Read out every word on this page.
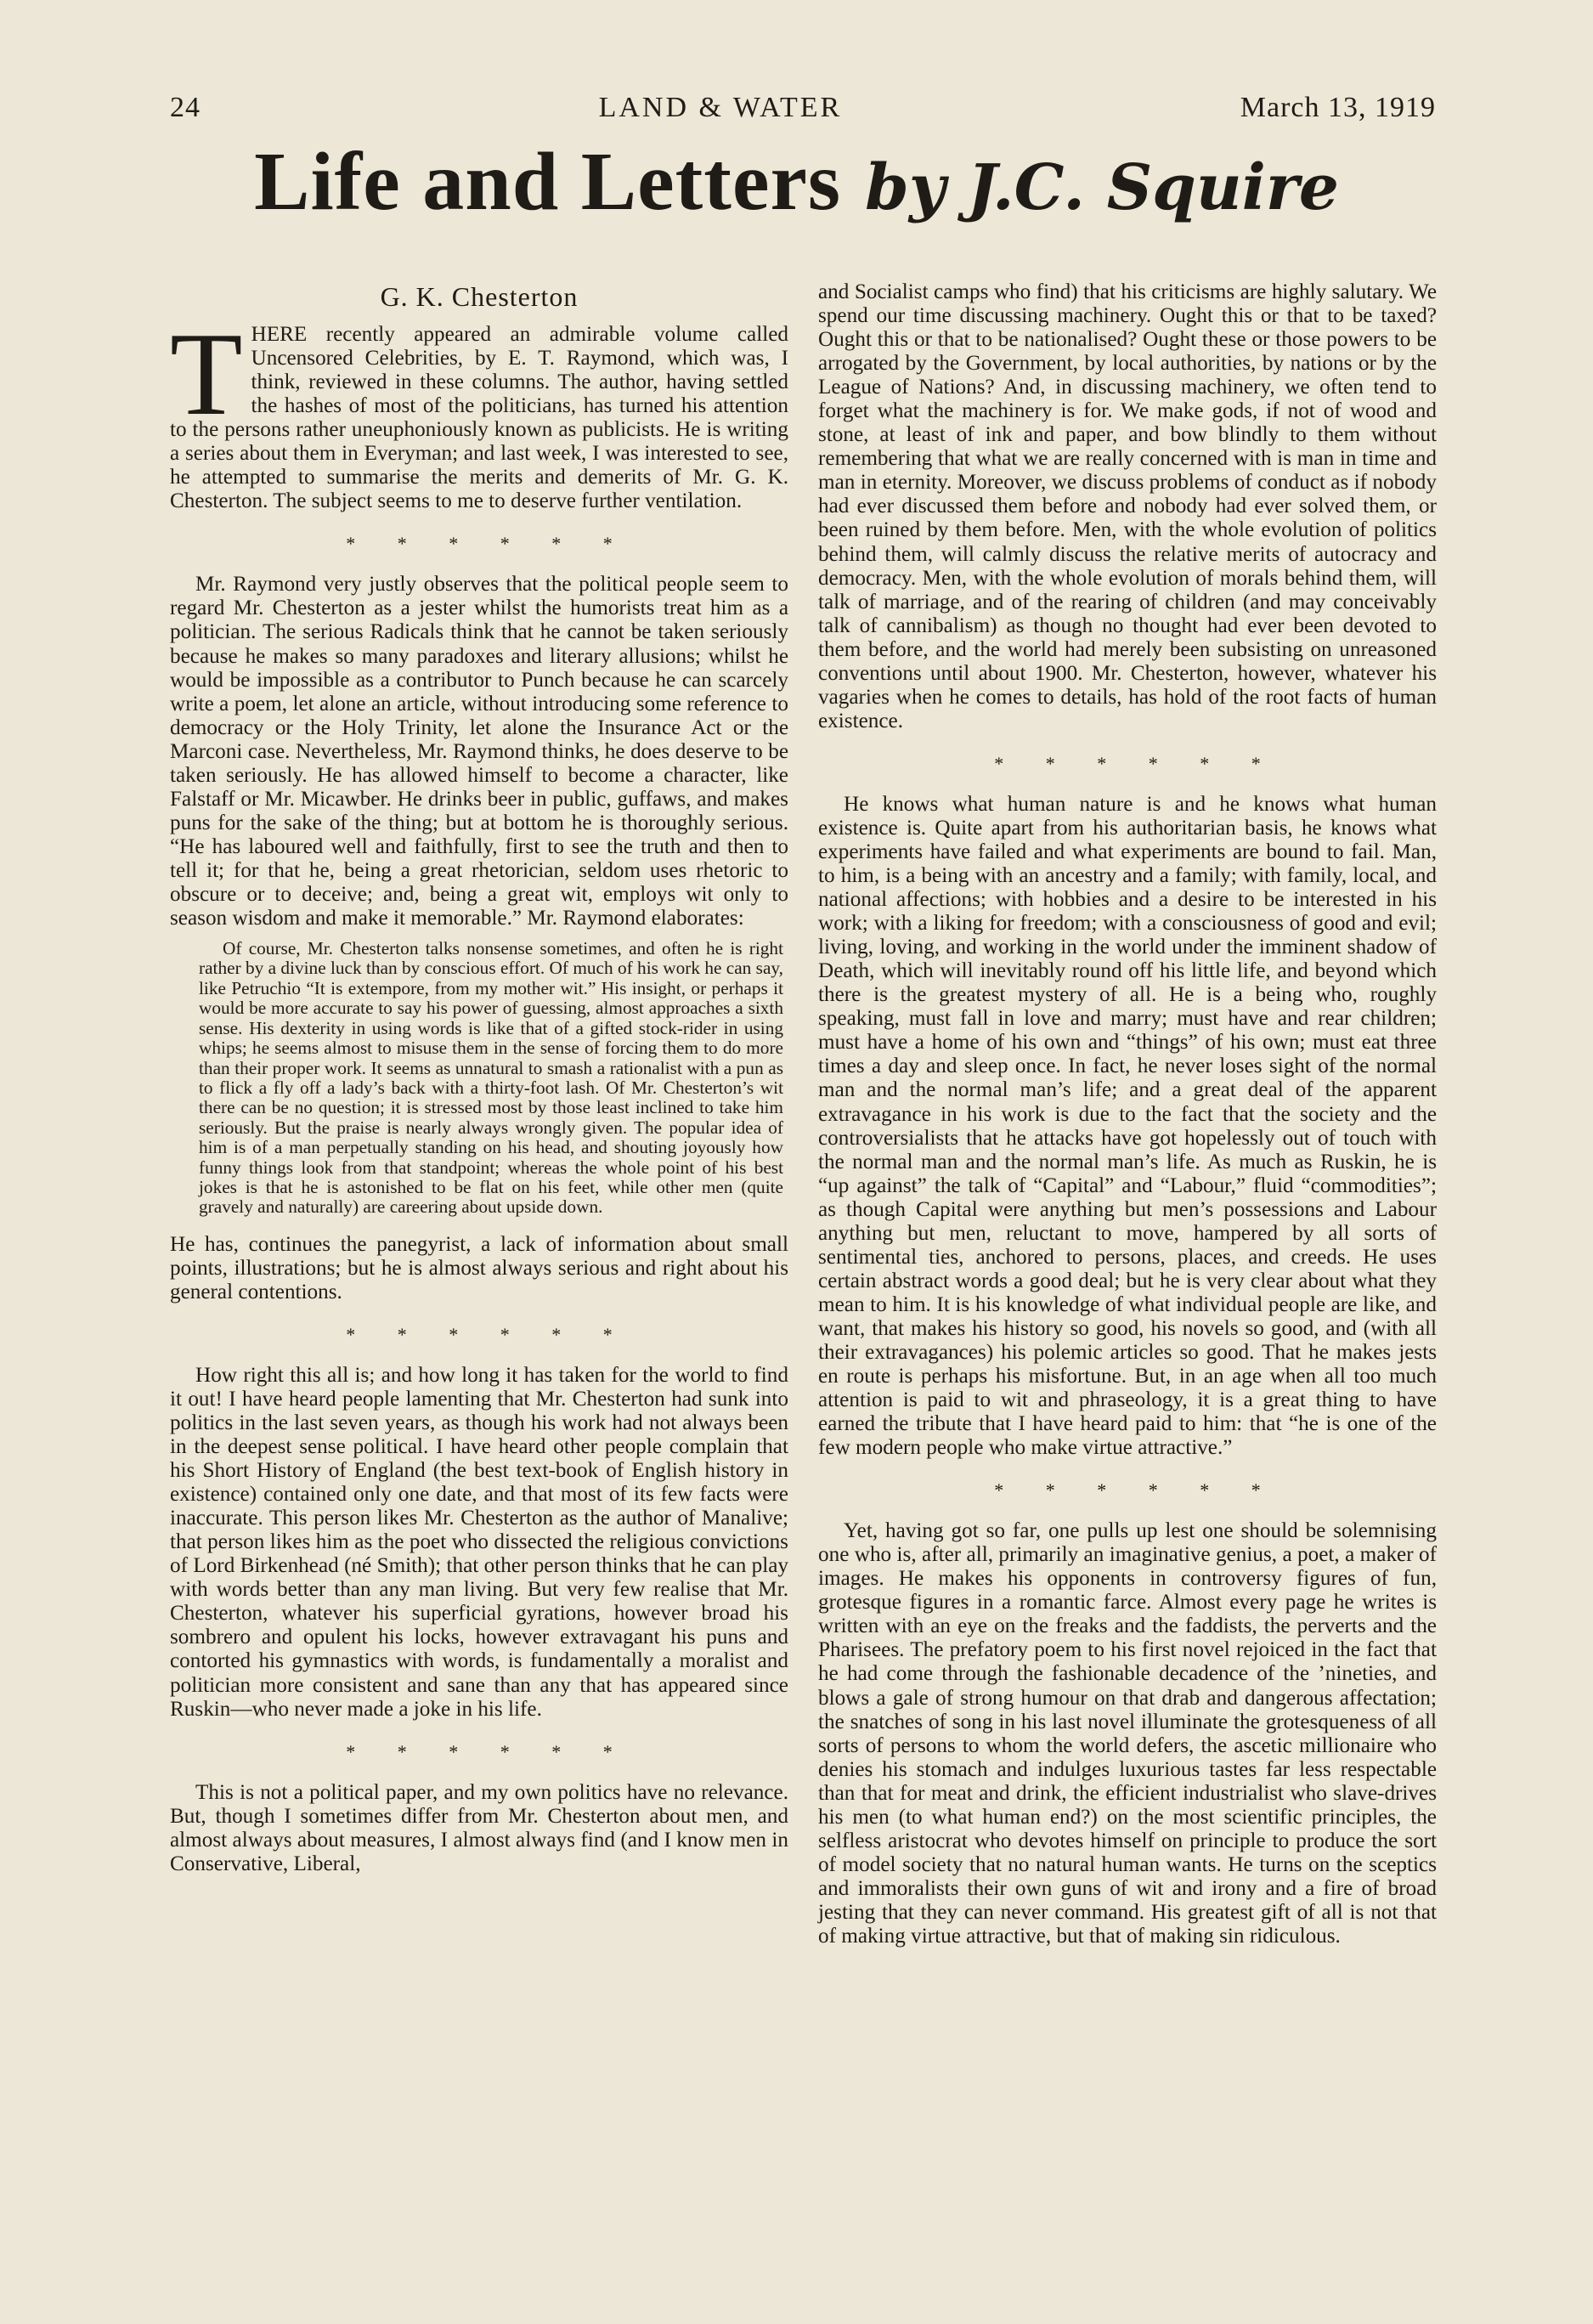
24	LAND & WATER	March 13, 1919
Life and Letters by J.C. Squire
G. K. Chesterton

THERE recently appeared an admirable volume called Uncensored Celebrities, by E. T. Raymond, which was, I think, reviewed in these columns. The author, having settled the hashes of most of the politicians, has turned his attention to the persons rather uneuphoniously known as publicists. He is writing a series about them in Everyman; and last week, I was interested to see, he attempted to summarise the merits and demerits of Mr. G. K. Chesterton. The subject seems to me to deserve further ventilation.

* * * * * *

Mr. Raymond very justly observes that the political people seem to regard Mr. Chesterton as a jester whilst the humorists treat him as a politician. The serious Radicals think that he cannot be taken seriously because he makes so many paradoxes and literary allusions; whilst he would be impossible as a contributor to Punch because he can scarcely write a poem, let alone an article, without introducing some reference to democracy or the Holy Trinity, let alone the Insurance Act or the Marconi case. Nevertheless, Mr. Raymond thinks, he does deserve to be taken seriously. He has allowed himself to become a character, like Falstaff or Mr. Micawber. He drinks beer in public, guffaws, and makes puns for the sake of the thing; but at bottom he is thoroughly serious. “He has laboured well and faithfully, first to see the truth and then to tell it; for that he, being a great rhetorician, seldom uses rhetoric to obscure or to deceive; and, being a great wit, employs wit only to season wisdom and make it memorable.” Mr. Raymond elaborates:

Of course, Mr. Chesterton talks nonsense sometimes, and often he is right rather by a divine luck than by conscious effort. Of much of his work he can say, like Petruchio “It is extempore, from my mother wit.” His insight, or perhaps it would be more accurate to say his power of guessing, almost approaches a sixth sense. His dexterity in using words is like that of a gifted stock-rider in using whips; he seems almost to misuse them in the sense of forcing them to do more than their proper work. It seems as unnatural to smash a rationalist with a pun as to flick a fly off a lady’s back with a thirty-foot lash. Of Mr. Chesterton’s wit there can be no question; it is stressed most by those least inclined to take him seriously. But the praise is nearly always wrongly given. The popular idea of him is of a man perpetually standing on his head, and shouting joyously how funny things look from that standpoint; whereas the whole point of his best jokes is that he is astonished to be flat on his feet, while other men (quite gravely and naturally) are careering about upside down.

He has, continues the panegyrist, a lack of information about small points, illustrations; but he is almost always serious and right about his general contentions.

* * * * * *

How right this all is; and how long it has taken for the world to find it out! I have heard people lamenting that Mr. Chesterton had sunk into politics in the last seven years, as though his work had not always been in the deepest sense political. I have heard other people complain that his Short History of England (the best text-book of English history in existence) contained only one date, and that most of its few facts were inaccurate. This person likes Mr. Chesterton as the author of Manalive; that person likes him as the poet who dissected the religious convictions of Lord Birkenhead (né Smith); that other person thinks that he can play with words better than any man living. But very few realise that Mr. Chesterton, whatever his superficial gyrations, however broad his sombrero and opulent his locks, however extravagant his puns and contorted his gymnastics with words, is fundamentally a moralist and politician more consistent and sane than any that has appeared since Ruskin—who never made a joke in his life.

* * * * * *

This is not a political paper, and my own politics have no relevance. But, though I sometimes differ from Mr. Chesterton about men, and almost always about measures, I almost always find (and I know men in Conservative, Liberal,

and Socialist camps who find) that his criticisms are highly salutary. We spend our time discussing machinery. Ought this or that to be taxed? Ought this or that to be nationalised? Ought these or those powers to be arrogated by the Government, by local authorities, by nations or by the League of Nations? And, in discussing machinery, we often tend to forget what the machinery is for. We make gods, if not of wood and stone, at least of ink and paper, and bow blindly to them without remembering that what we are really concerned with is man in time and man in eternity. Moreover, we discuss problems of conduct as if nobody had ever discussed them before and nobody had ever solved them, or been ruined by them before. Men, with the whole evolution of politics behind them, will calmly discuss the relative merits of autocracy and democracy. Men, with the whole evolution of morals behind them, will talk of marriage, and of the rearing of children (and may conceivably talk of cannibalism) as though no thought had ever been devoted to them before, and the world had merely been subsisting on unreasoned conventions until about 1900. Mr. Chesterton, however, whatever his vagaries when he comes to details, has hold of the root facts of human existence.

* * * * * *

He knows what human nature is and he knows what human existence is. Quite apart from his authoritarian basis, he knows what experiments have failed and what experiments are bound to fail. Man, to him, is a being with an ancestry and a family; with family, local, and national affections; with hobbies and a desire to be interested in his work; with a liking for freedom; with a consciousness of good and evil; living, loving, and working in the world under the imminent shadow of Death, which will inevitably round off his little life, and beyond which there is the greatest mystery of all. He is a being who, roughly speaking, must fall in love and marry; must have and rear children; must have a home of his own and “things” of his own; must eat three times a day and sleep once. In fact, he never loses sight of the normal man and the normal man’s life; and a great deal of the apparent extravagance in his work is due to the fact that the society and the controversialists that he attacks have got hopelessly out of touch with the normal man and the normal man’s life. As much as Ruskin, he is “up against” the talk of “Capital” and “Labour,” fluid “commodities”; as though Capital were anything but men’s possessions and Labour anything but men, reluctant to move, hampered by all sorts of sentimental ties, anchored to persons, places, and creeds. He uses certain abstract words a good deal; but he is very clear about what they mean to him. It is his knowledge of what individual people are like, and want, that makes his history so good, his novels so good, and (with all their extravagances) his polemic articles so good. That he makes jests en route is perhaps his misfortune. But, in an age when all too much attention is paid to wit and phraseology, it is a great thing to have earned the tribute that I have heard paid to him: that “he is one of the few modern people who make virtue attractive.”

* * * * * *

Yet, having got so far, one pulls up lest one should be solemnising one who is, after all, primarily an imaginative genius, a poet, a maker of images. He makes his opponents in controversy figures of fun, grotesque figures in a romantic farce. Almost every page he writes is written with an eye on the freaks and the faddists, the perverts and the Pharisees. The prefatory poem to his first novel rejoiced in the fact that he had come through the fashionable decadence of the ’nineties, and blows a gale of strong humour on that drab and dangerous affectation; the snatches of song in his last novel illuminate the grotesqueness of all sorts of persons to whom the world defers, the ascetic millionaire who denies his stomach and indulges luxurious tastes far less respectable than that for meat and drink, the efficient industrialist who slave-drives his men (to what human end?) on the most scientific principles, the selfless aristocrat who devotes himself on principle to produce the sort of model society that no natural human wants. He turns on the sceptics and immoralists their own guns of wit and irony and a fire of broad jesting that they can never command. His greatest gift of all is not that of making virtue attractive, but that of making sin ridiculous.
